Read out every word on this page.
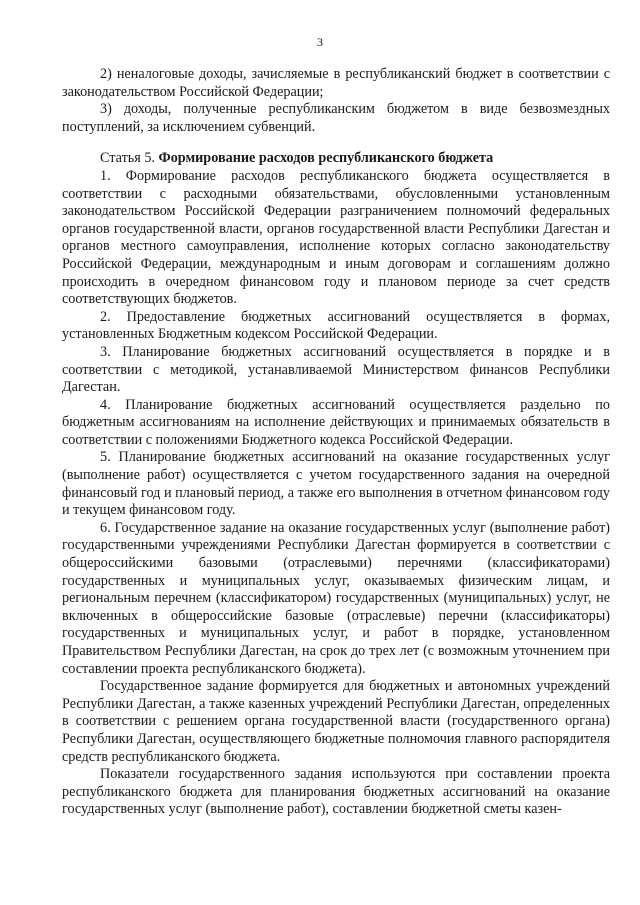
3

2) неналоговые доходы, зачисляемые в республиканский бюджет в соответствии с законодательством Российской Федерации;

3) доходы, полученные республиканским бюджетом в виде безвозмездных поступлений, за исключением субвенций.

Статья 5. Формирование расходов республиканского бюджета

1. Формирование расходов республиканского бюджета осуществляется в соответствии с расходными обязательствами, обусловленными установленным законодательством Российской Федерации разграничением полномочий федеральных органов государственной власти, органов государственной власти Республики Дагестан и органов местного самоуправления, исполнение которых согласно законодательству Российской Федерации, международным и иным договорам и соглашениям должно происходить в очередном финансовом году и плановом периоде за счет средств соответствующих бюджетов.

2. Предоставление бюджетных ассигнований осуществляется в формах, установленных Бюджетным кодексом Российской Федерации.

3. Планирование бюджетных ассигнований осуществляется в порядке и в соответствии с методикой, устанавливаемой Министерством финансов Республики Дагестан.

4. Планирование бюджетных ассигнований осуществляется раздельно по бюджетным ассигнованиям на исполнение действующих и принимаемых обязательств в соответствии с положениями Бюджетного кодекса Российской Федерации.

5. Планирование бюджетных ассигнований на оказание государственных услуг (выполнение работ) осуществляется с учетом государственного задания на очередной финансовый год и плановый период, а также его выполнения в отчетном финансовом году и текущем финансовом году.

6. Государственное задание на оказание государственных услуг (выполнение работ) государственными учреждениями Республики Дагестан формируется в соответствии с общероссийскими базовыми (отраслевыми) перечнями (классификаторами) государственных и муниципальных услуг, оказываемых физическим лицам, и региональным перечнем (классификатором) государственных (муниципальных) услуг, не включенных в общероссийские базовые (отраслевые) перечни (классификаторы) государственных и муниципальных услуг, и работ в порядке, установленном Правительством Республики Дагестан, на срок до трех лет (с возможным уточнением при составлении проекта республиканского бюджета).

Государственное задание формируется для бюджетных и автономных учреждений Республики Дагестан, а также казенных учреждений Республики Дагестан, определенных в соответствии с решением органа государственной власти (государственного органа) Республики Дагестан, осуществляющего бюджетные полномочия главного распорядителя средств республиканского бюджета.

Показатели государственного задания используются при составлении проекта республиканского бюджета для планирования бюджетных ассигнований на оказание государственных услуг (выполнение работ), составлении бюджетной сметы казен-
